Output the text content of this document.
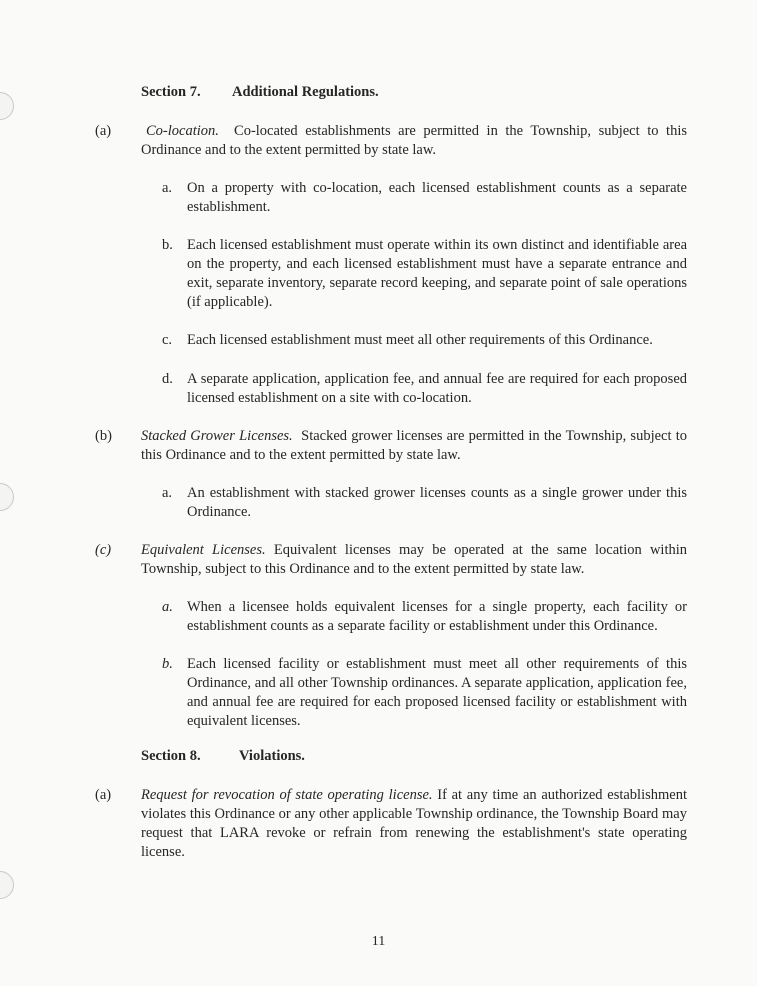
Section 7. Additional Regulations.
(a)	Co-location. Co-located establishments are permitted in the Township, subject to this Ordinance and to the extent permitted by state law.
a. On a property with co-location, each licensed establishment counts as a separate establishment.
b. Each licensed establishment must operate within its own distinct and identifiable area on the property, and each licensed establishment must have a separate entrance and exit, separate inventory, separate record keeping, and separate point of sale operations (if applicable).
c. Each licensed establishment must meet all other requirements of this Ordinance.
d. A separate application, application fee, and annual fee are required for each proposed licensed establishment on a site with co-location.
(b) Stacked Grower Licenses. Stacked grower licenses are permitted in the Township, subject to this Ordinance and to the extent permitted by state law.
a. An establishment with stacked grower licenses counts as a single grower under this Ordinance.
(c) Equivalent Licenses. Equivalent licenses may be operated at the same location within Township, subject to this Ordinance and to the extent permitted by state law.
a. When a licensee holds equivalent licenses for a single property, each facility or establishment counts as a separate facility or establishment under this Ordinance.
b. Each licensed facility or establishment must meet all other requirements of this Ordinance, and all other Township ordinances. A separate application, application fee, and annual fee are required for each proposed licensed facility or establishment with equivalent licenses.
Section 8.	Violations.
(a) Request for revocation of state operating license. If at any time an authorized establishment violates this Ordinance or any other applicable Township ordinance, the Township Board may request that LARA revoke or refrain from renewing the establishment's state operating license.
11
